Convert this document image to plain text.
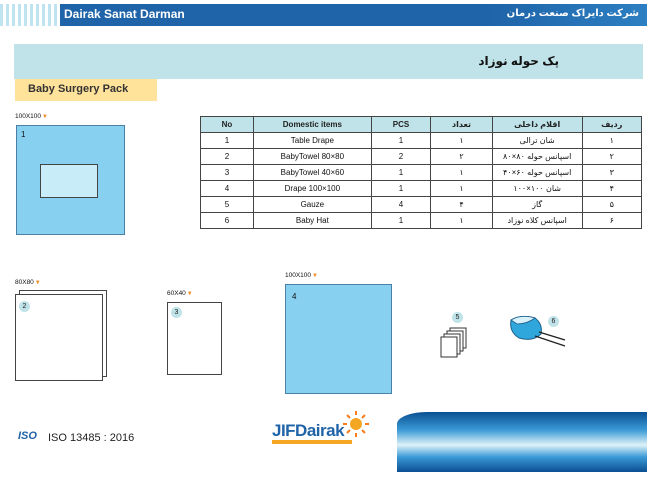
Dairak Sanat Darman	شرکت دایراک صنعت درمان
پک حوله نوزاد
Baby Surgery Pack
100X100▼
1
80X80▼
2
60X40▼
3
100X100▼
4
5
6
No	Domestic items	PCS	تعداد	اقلام داخلی	ردیف
1	Table Drape	1	۱	شان ترالی	۱
2	BabyTowel 80×80	2	۲	اسپانس حوله ۸۰×۸۰	۲
3	BabyTowel 40×60	1	۱	اسپانس حوله ۶۰×۴۰	۳
4	Drape 100×100	1	۱	شان ۱۰۰×۱۰۰	۴
5	Gauze	4	۴	گاز	۵
6	Baby Hat	1	۱	اسپانس کلاه نوزاد	۶
ISO ISO 13485 : 2016	JIFDairak
